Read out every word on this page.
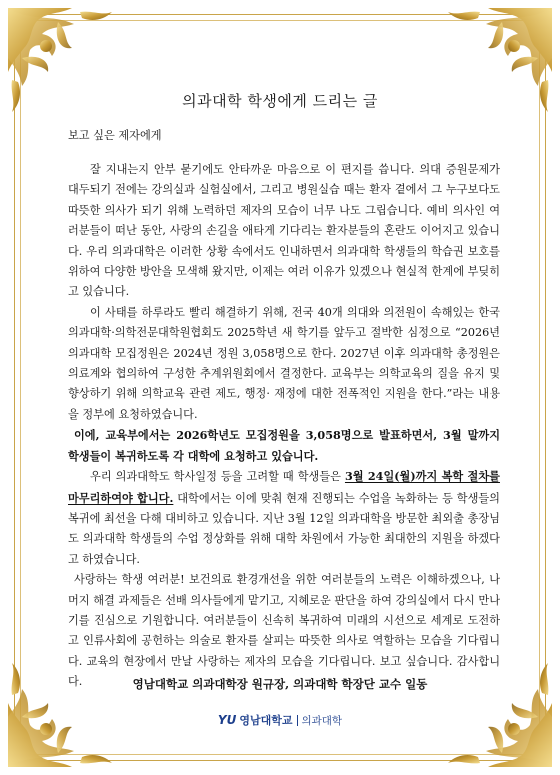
의과대학 학생에게 드리는 글
보고 싶은 제자에게

잘 지내는지 안부 묻기에도 안타까운 마음으로 이 편지를 씁니다. 의대 증원문제가 대두되기 전에는 강의실과 실험실에서, 그리고 병원실습 때는 환자 곁에서 그 누구보다도 따뜻한 의사가 되기 위해 노력하던 제자의 모습이 너무 나도 그립습니다. 예비 의사인 여러분들이 떠난 동안, 사랑의 손길을 애타게 기다리는 환자분들의 혼란도 이어지고 있습니다. 우리 의과대학은 이러한 상황 속에서도 인내하면서 의과대학 학생들의 학습권 보호를 위하여 다양한 방안을 모색해 왔지만, 이제는 여러 이유가 있겠으나 현실적 한계에 부딪히고 있습니다.

이 사태를 하루라도 빨리 해결하기 위해, 전국 40개 의대와 의전원이 속해있는 한국의과대학·의학전문대학원협회도 2025학년 새 학기를 앞두고 절박한 심정으로 “2026년 의과대학 모집정원은 2024년 정원 3,058명으로 한다. 2027년 이후 의과대학 총정원은 의료계와 협의하여 구성한 추계위원회에서 결정한다. 교육부는 의학교육의 질을 유지 및 향상하기 위해 의학교육 관련 제도, 행정· 재정에 대한 전폭적인 지원을 한다.”라는 내용을 정부에 요청하였습니다.

이에, 교육부에서는 2026학년도 모집정원을 3,058명으로 발표하면서, 3월 말까지 학생들이 복귀하도록 각 대학에 요청하고 있습니다.

우리 의과대학도 학사일정 등을 고려할 때 학생들은 3월 24일(월)까지 복학 절차를 마무리하여야 합니다. 대학에서는 이에 맞춰 현재 진행되는 수업을 녹화하는 등 학생들의 복귀에 최선을 다해 대비하고 있습니다. 지난 3월 12일 의과대학을 방문한 최외출 총장님도 의과대학 학생들의 수업 정상화를 위해 대학 차원에서 가능한 최대한의 지원을 하겠다고 하였습니다.

사랑하는 학생 여러분! 보건의료 환경개선을 위한 여러분들의 노력은 이해하겠으나, 나머지 해결 과제들은 선배 의사들에게 맡기고, 지혜로운 판단을 하여 강의실에서 다시 만나기를 진심으로 기원합니다. 여러분들이 신속히 복귀하여 미래의 시선으로 세계로 도전하고 인류사회에 공헌하는 의술로 환자를 살피는 따뜻한 의사로 역할하는 모습을 기다립니다. 교육의 현장에서 만날 사랑하는 제자의 모습을 기다립니다. 보고 싶습니다. 감사합니다.	영남대학교 의과대학장 원규장, 의과대학 학장단 교수 일동
YU 영남대학교 의과대학
